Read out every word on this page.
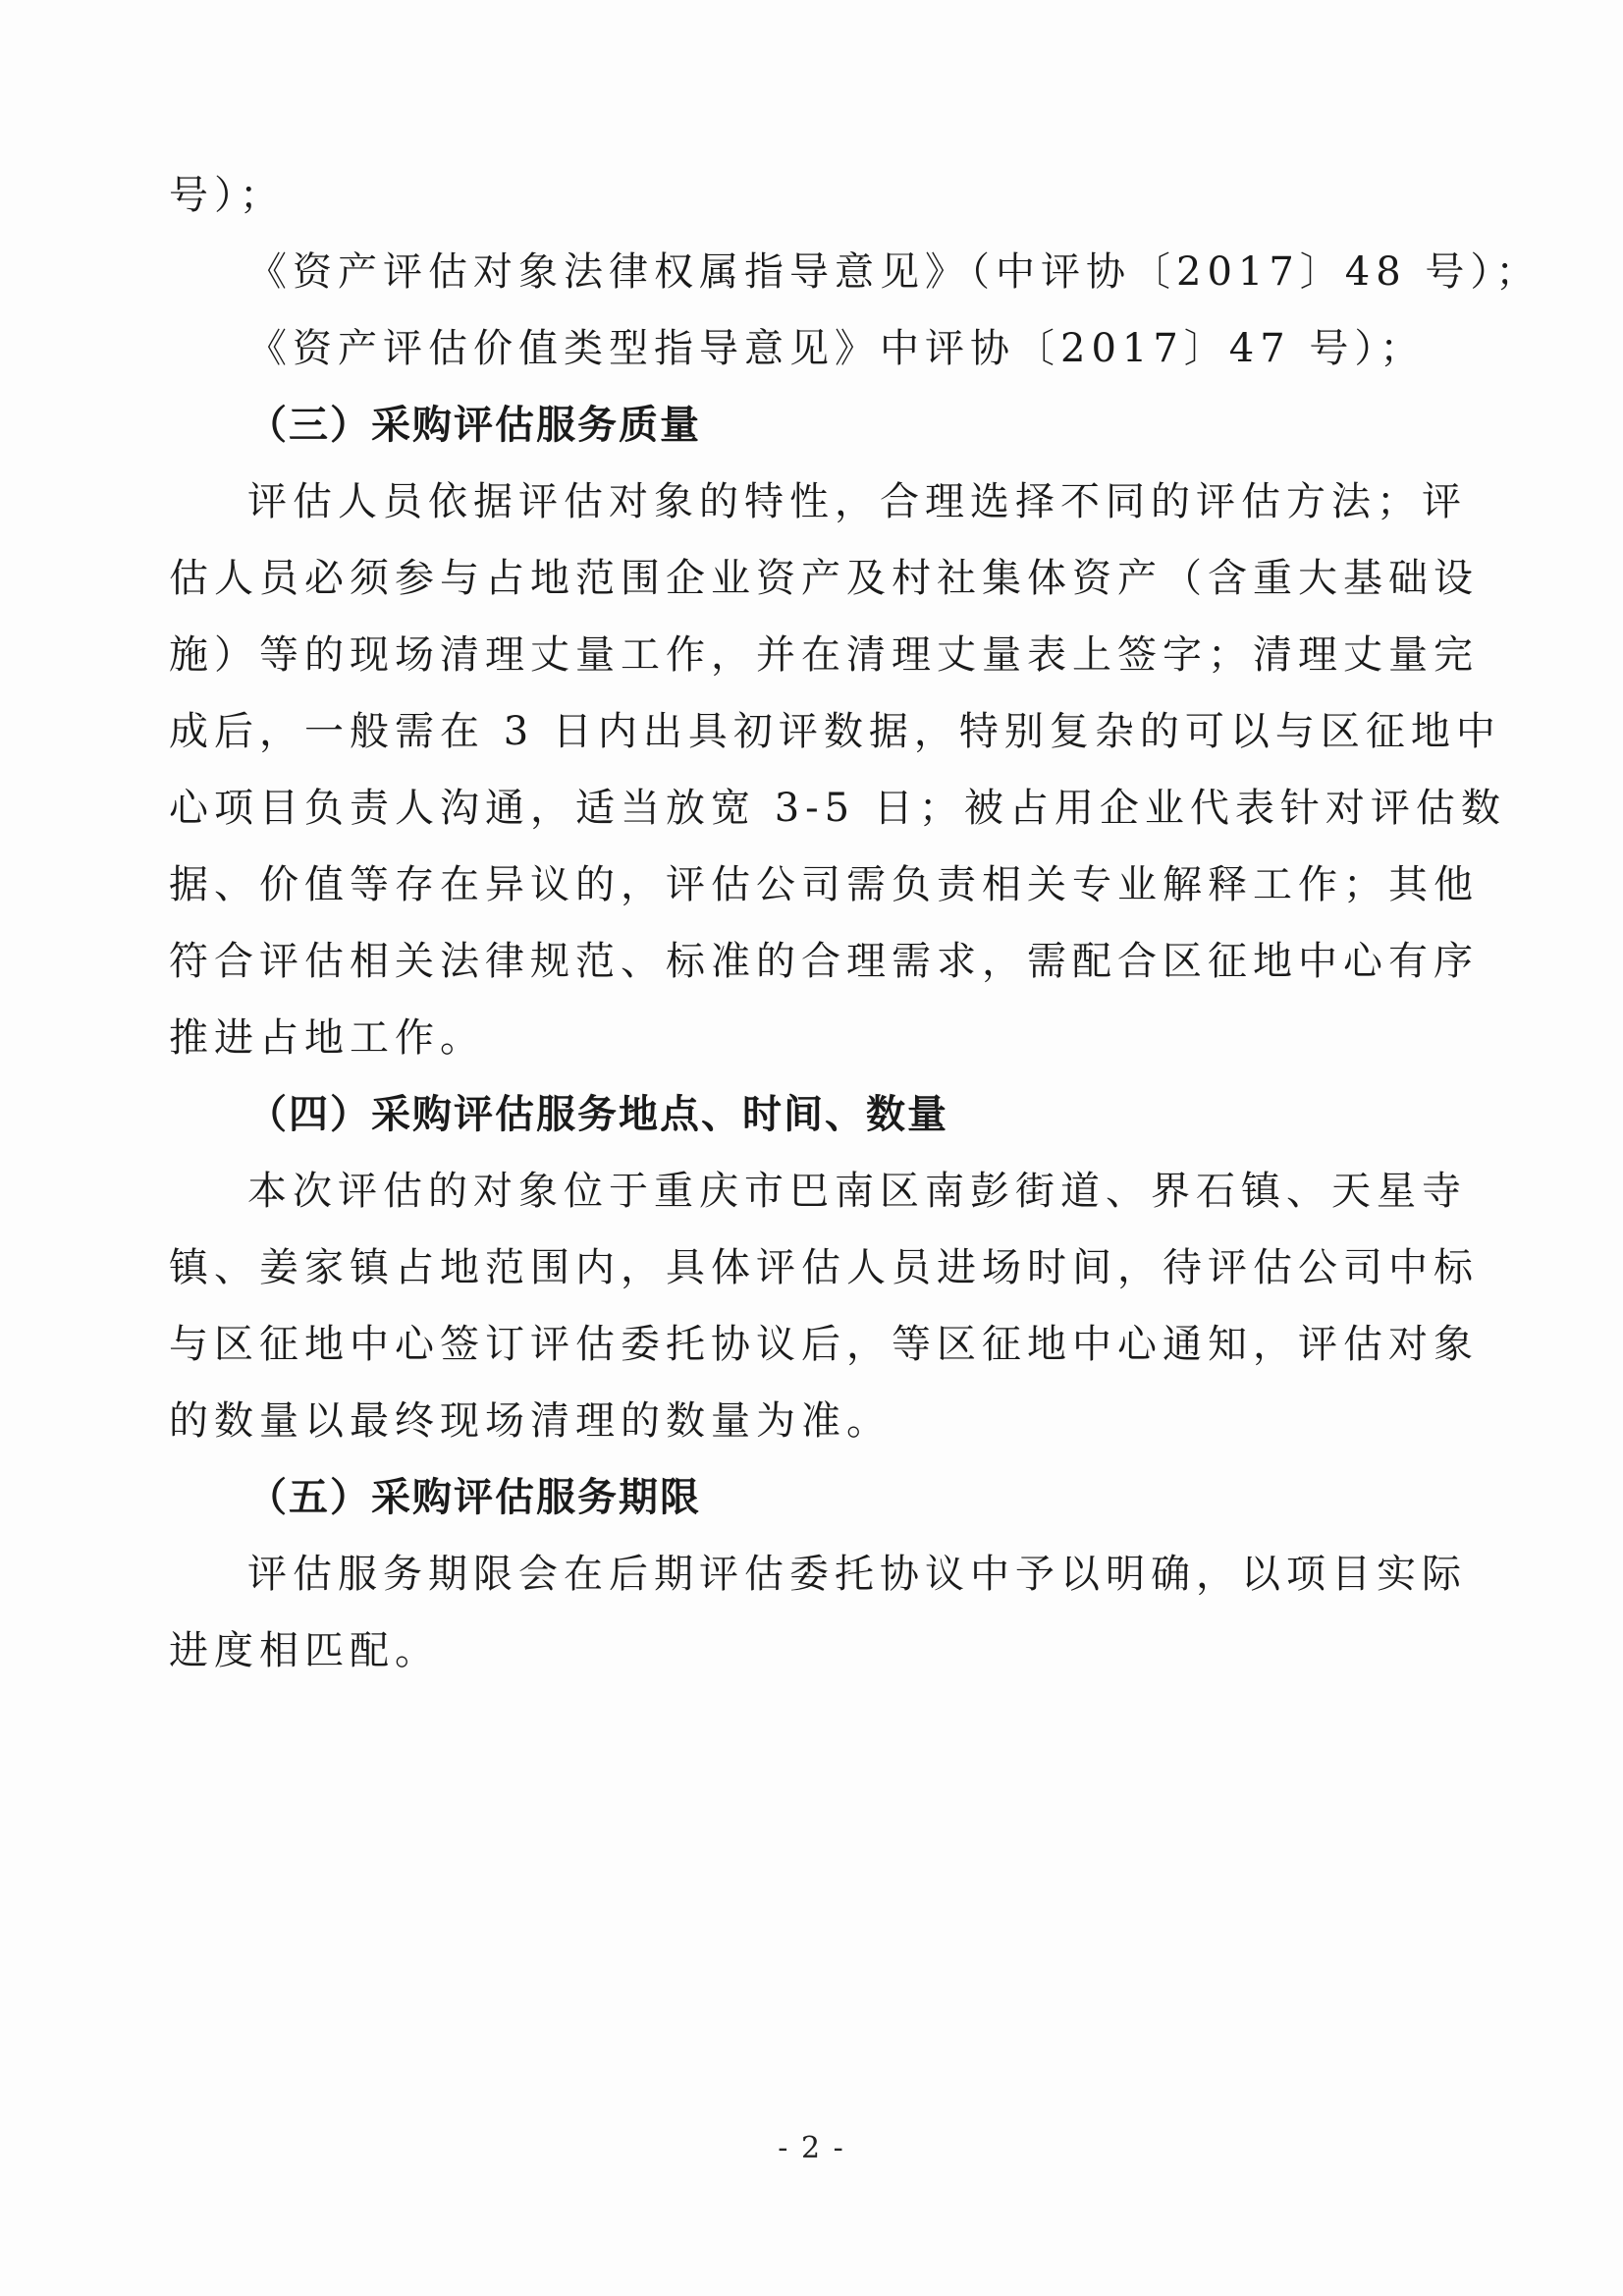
号）；
《资产评估对象法律权属指导意见》（中评协〔2017〕48 号）；
《资产评估价值类型指导意见》中评协〔2017〕47 号）；
（三）采购评估服务质量
评估人员依据评估对象的特性，合理选择不同的评估方法；评
估人员必须参与占地范围企业资产及村社集体资产（含重大基础设
施）等的现场清理丈量工作，并在清理丈量表上签字；清理丈量完
成后，一般需在 3 日内出具初评数据，特别复杂的可以与区征地中
心项目负责人沟通，适当放宽 3-5 日；被占用企业代表针对评估数
据、价值等存在异议的，评估公司需负责相关专业解释工作；其他
符合评估相关法律规范、标准的合理需求，需配合区征地中心有序
推进占地工作。
（四）采购评估服务地点、时间、数量
本次评估的对象位于重庆市巴南区南彭街道、界石镇、天星寺
镇、姜家镇占地范围内，具体评估人员进场时间，待评估公司中标
与区征地中心签订评估委托协议后，等区征地中心通知，评估对象
的数量以最终现场清理的数量为准。
（五）采购评估服务期限
评估服务期限会在后期评估委托协议中予以明确，以项目实际
进度相匹配。
- 2 -
